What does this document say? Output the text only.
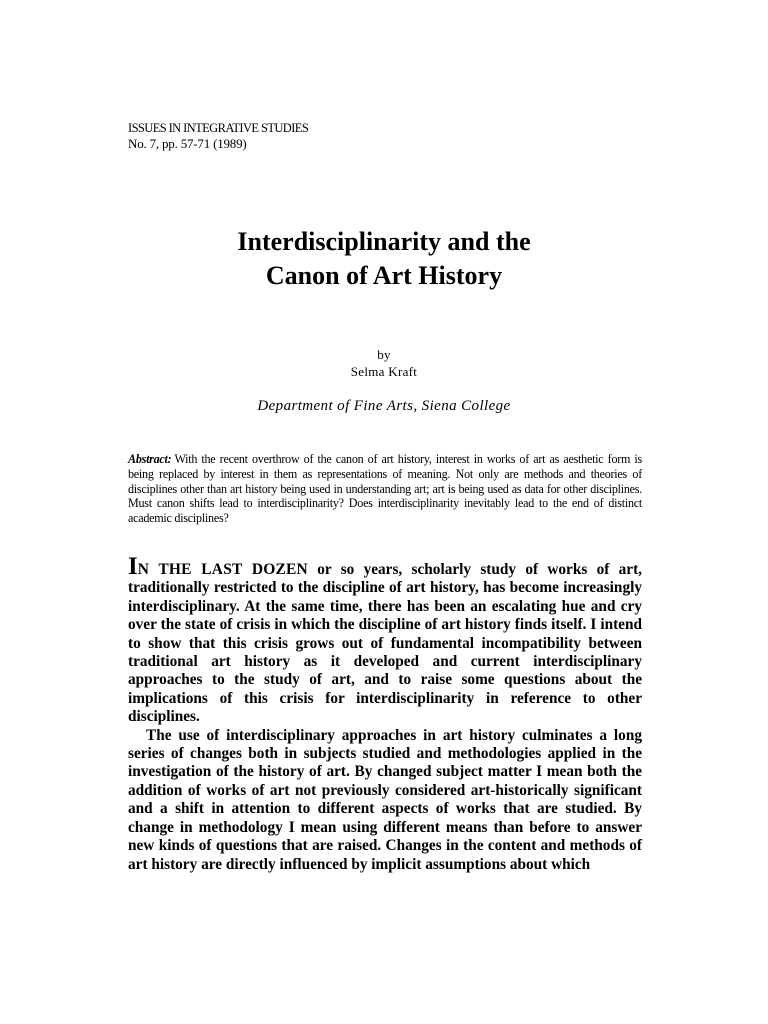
ISSUES IN INTEGRATIVE STUDIES
No. 7, pp. 57-71 (1989)
Interdisciplinarity and the
Canon of Art History
by
Selma Kraft
Department of Fine Arts, Siena College
Abstract: With the recent overthrow of the canon of art history, interest in works of art as aesthetic form is being replaced by interest in them as representations of meaning. Not only are methods and theories of disciplines other than art history being used in understanding art; art is being used as data for other disciplines. Must canon shifts lead to interdisciplinarity? Does interdisciplinarity inevitably lead to the end of distinct academic disciplines?

IN THE LAST DOZEN or so years, scholarly study of works of art, traditionally restricted to the discipline of art history, has become increasingly interdisciplinary. At the same time, there has been an escalating hue and cry over the state of crisis in which the discipline of art history finds itself. I intend to show that this crisis grows out of fundamental incompatibility between traditional art history as it developed and current interdisciplinary approaches to the study of art, and to raise some questions about the implications of this crisis for interdisciplinarity in reference to other disciplines.

The use of interdisciplinary approaches in art history culminates a long series of changes both in subjects studied and methodologies applied in the investigation of the history of art. By changed subject matter I mean both the addition of works of art not previously considered art-historically significant and a shift in attention to different aspects of works that are studied. By change in methodology I mean using different means than before to answer new kinds of questions that are raised. Changes in the content and methods of art history are directly influenced by implicit assumptions about which
